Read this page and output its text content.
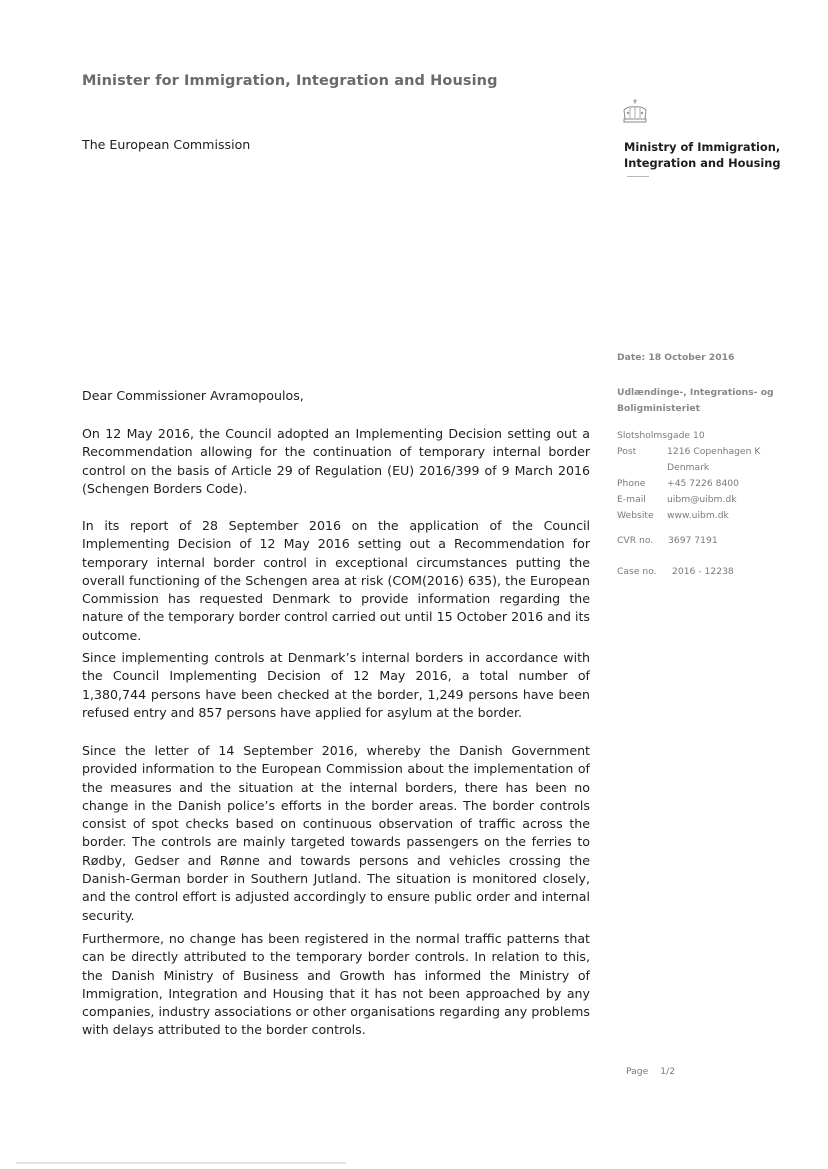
Minister for Immigration, Integration and Housing
The European Commission	Ministry of Immigration,
Integration and Housing
Date: 18 October 2016
Udlændinge-, Integrations- og
Boligministeriet
Slotsholmsgade 10
Post	1216 Copenhagen K
Denmark
Phone	+45 7226 8400
E-mail	uibm@uibm.dk
Website	www.uibm.dk
CVR no.	3697 7191
Case no.	2016 - 12238
Dear Commissioner Avramopoulos,

On 12 May 2016, the Council adopted an Implementing Decision setting out a Recommendation allowing for the continuation of temporary internal border control on the basis of Article 29 of Regulation (EU) 2016/399 of 9 March 2016 (Schengen Borders Code).

In its report of 28 September 2016 on the application of the Council Implementing Decision of 12 May 2016 setting out a Recommendation for temporary internal border control in exceptional circumstances putting the overall functioning of the Schengen area at risk (COM(2016) 635), the European Commission has requested Denmark to provide information regarding the nature of the temporary border control carried out until 15 October 2016 and its outcome.

Since implementing controls at Denmark’s internal borders in accordance with the Council Implementing Decision of 12 May 2016, a total number of 1,380,744 persons have been checked at the border, 1,249 persons have been refused entry and 857 persons have applied for asylum at the border.

Since the letter of 14 September 2016, whereby the Danish Government provided information to the European Commission about the implementation of the measures and the situation at the internal borders, there has been no change in the Danish police’s efforts in the border areas. The border controls consist of spot checks based on continuous observation of traffic across the border. The controls are mainly targeted towards passengers on the ferries to Rødby, Gedser and Rønne and towards persons and vehicles crossing the Danish-German border in Southern Jutland. The situation is monitored closely, and the control effort is adjusted accordingly to ensure public order and internal security.

Furthermore, no change has been registered in the normal traffic patterns that can be directly attributed to the temporary border controls. In relation to this, the Danish Ministry of Business and Growth has informed the Ministry of Immigration, Integration and Housing that it has not been approached by any companies, industry associations or other organisations regarding any problems with delays attributed to the border controls.

Page	1/2
